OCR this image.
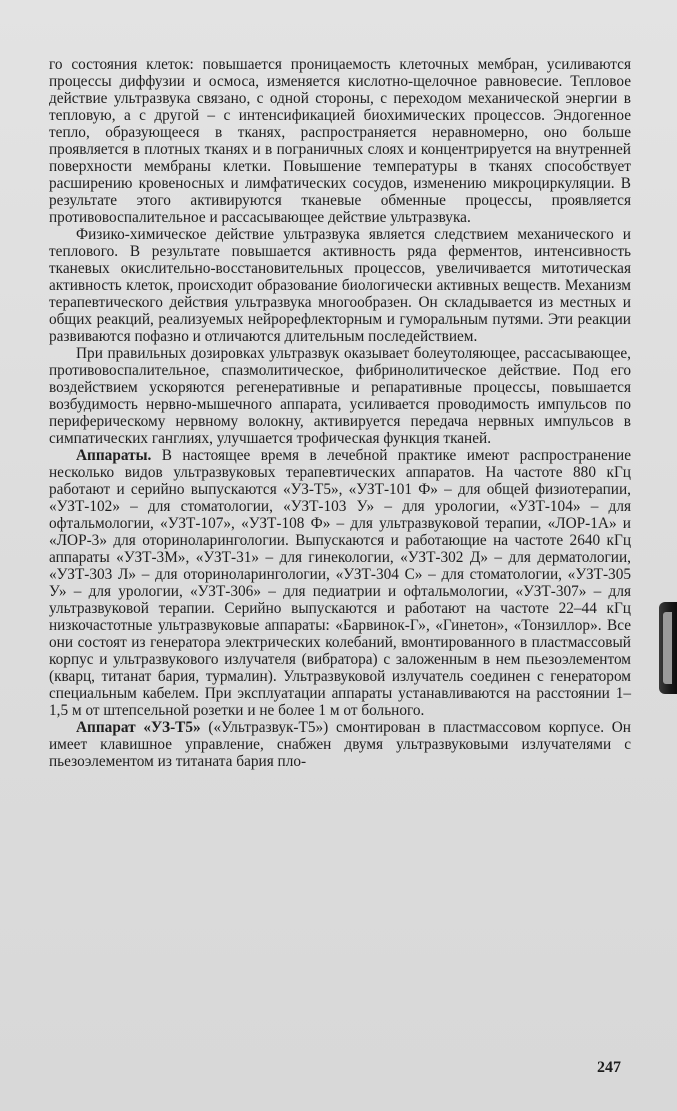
го состояния клеток: повышается проницаемость клеточных мембран, усиливаются процессы диффузии и осмоса, изменяется кислотно-щелочное равновесие. Тепловое действие ультразвука связано, с одной стороны, с переходом механической энергии в тепловую, а с другой – с интенсификацией биохимических процессов. Эндогенное тепло, образующееся в тканях, распространяется неравномерно, оно больше проявляется в плотных тканях и в пограничных слоях и концентрируется на внутренней поверхности мембраны клетки. Повышение температуры в тканях способствует расширению кровеносных и лимфатических сосудов, изменению микроциркуляции. В результате этого активируются тканевые обменные процессы, проявляется противовоспалительное и рассасывающее действие ультразвука.

Физико-химическое действие ультразвука является следствием механического и теплового. В результате повышается активность ряда ферментов, интенсивность тканевых окислительно-восстановительных процессов, увеличивается митотическая активность клеток, происходит образование биологически активных веществ. Механизм терапевтического действия ультразвука многообразен. Он складывается из местных и общих реакций, реализуемых нейрорефлекторным и гуморальным путями. Эти реакции развиваются пофазно и отличаются длительным последействием.

При правильных дозировках ультразвук оказывает болеутоляющее, рассасывающее, противовоспалительное, спазмолитическое, фибринолитическое действие. Под его воздействием ускоряются регенеративные и репаративные процессы, повышается возбудимость нервно-мышечного аппарата, усиливается проводимость импульсов по периферическому нервному волокну, активируется передача нервных импульсов в симпатических ганглиях, улучшается трофическая функция тканей.

Аппараты. В настоящее время в лечебной практике имеют распространение несколько видов ультразвуковых терапевтических аппаратов. На частоте 880 кГц работают и серийно выпускаются «УЗ-Т5», «УЗТ-101 Ф» – для общей физиотерапии, «УЗТ-102» – для стоматологии, «УЗТ-103 У» – для урологии, «УЗТ-104» – для офтальмологии, «УЗТ-107», «УЗТ-108 Ф» – для ультразвуковой терапии, «ЛОР-1А» и «ЛОР-3» для оториноларингологии. Выпускаются и работающие на частоте 2640 кГц аппараты «УЗТ-3М», «УЗТ-31» – для гинекологии, «УЗТ-302 Д» – для дерматологии, «УЗТ-303 Л» – для оториноларингологии, «УЗТ-304 С» – для стоматологии, «УЗТ-305 У» – для урологии, «УЗТ-306» – для педиатрии и офтальмологии, «УЗТ-307» – для ультразвуковой терапии. Серийно выпускаются и работают на частоте 22–44 кГц низкочастотные ультразвуковые аппараты: «Барвинок-Г», «Гинетон», «Тонзиллор». Все они состоят из генератора электрических колебаний, вмонтированного в пластмассовый корпус и ультразвукового излучателя (вибратора) с заложенным в нем пьезоэлементом (кварц, титанат бария, турмалин). Ультразвуковой излучатель соединен с генератором специальным кабелем. При эксплуатации аппараты устанавливаются на расстоянии 1–1,5 м от штепсельной розетки и не более 1 м от больного.

Аппарат «УЗ-Т5» («Ультразвук-Т5») смонтирован в пластмассовом корпусе. Он имеет клавишное управление, снабжен двумя ультразвуковыми излучателями с пьезоэлементом из титаната бария пло-

247
